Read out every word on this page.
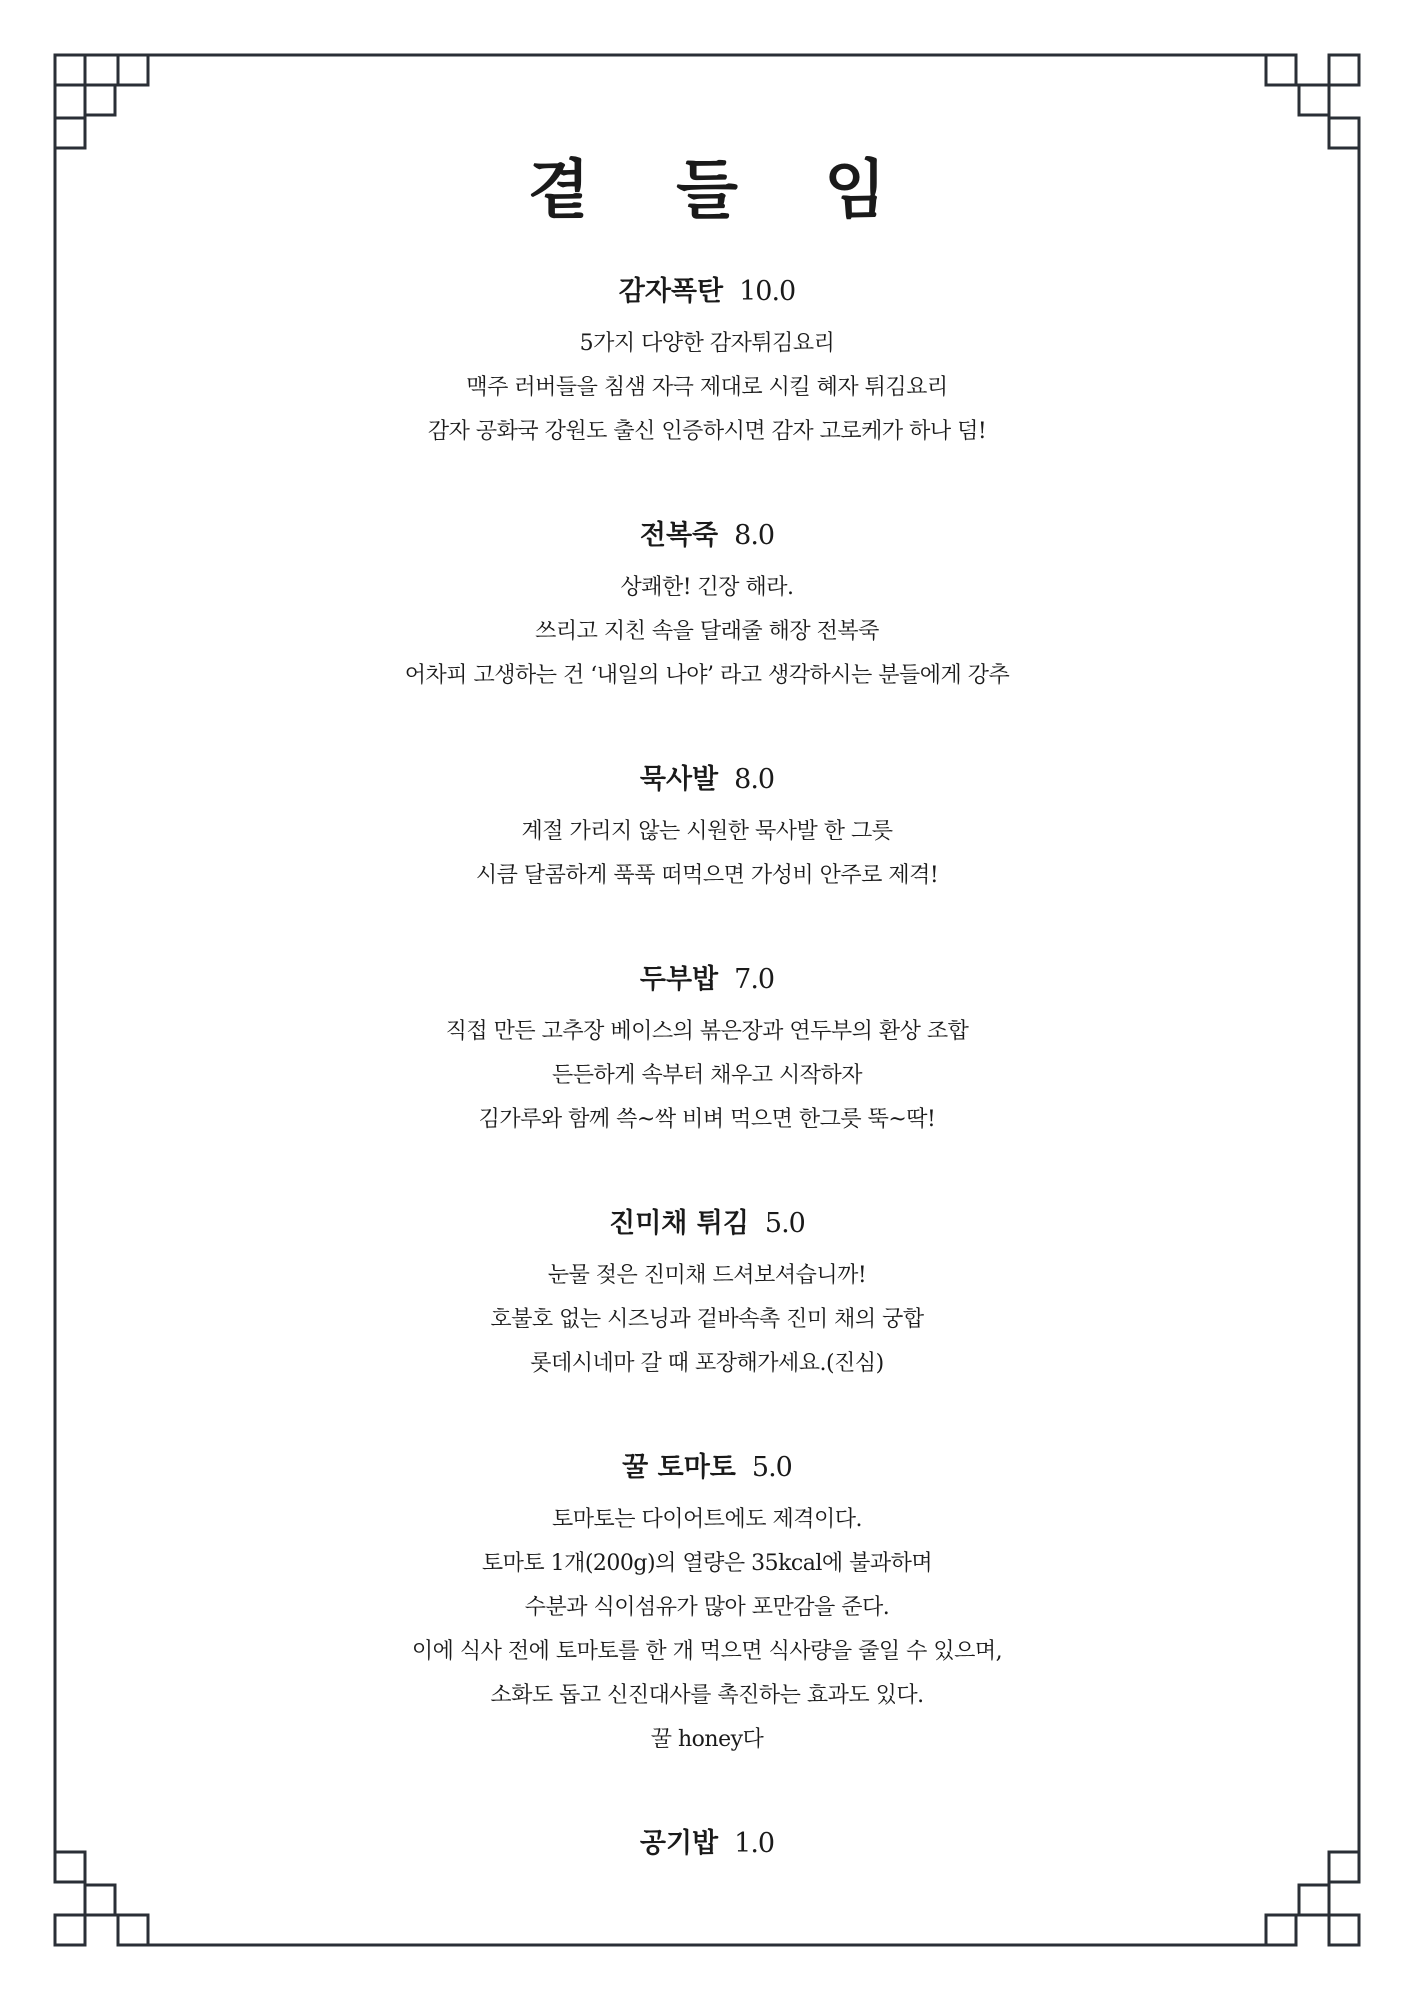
곁 들 임
감자폭탄 10.0
5가지 다양한 감자튀김요리
맥주 러버들을 침샘 자극 제대로 시킬 혜자 튀김요리
감자 공화국 강원도 출신 인증하시면 감자 고로케가 하나 덤!
전복죽 8.0
상쾌한! 긴장 해라.
쓰리고 지친 속을 달래줄 해장 전복죽
어차피 고생하는 건 ‘내일의 나야’ 라고 생각하시는 분들에게 강추
묵사발 8.0
계절 가리지 않는 시원한 묵사발 한 그릇
시큼 달콤하게 푹푹 떠먹으면 가성비 안주로 제격!
두부밥 7.0
직접 만든 고추장 베이스의 볶은장과 연두부의 환상 조합
든든하게 속부터 채우고 시작하자
김가루와 함께 쓱~싹 비벼 먹으면 한그릇 뚝~딱!
진미채 튀김 5.0
눈물 젖은 진미채 드셔보셔습니까!
호불호 없는 시즈닝과 겉바속촉 진미 채의 궁합
롯데시네마 갈 때 포장해가세요.(진심)
꿀 토마토 5.0
토마토는 다이어트에도 제격이다.
토마토 1개(200g)의 열량은 35kcal에 불과하며
수분과 식이섬유가 많아 포만감을 준다.
이에 식사 전에 토마토를 한 개 먹으면 식사량을 줄일 수 있으며,
소화도 돕고 신진대사를 촉진하는 효과도 있다.
꿀 honey다
공기밥 1.0
